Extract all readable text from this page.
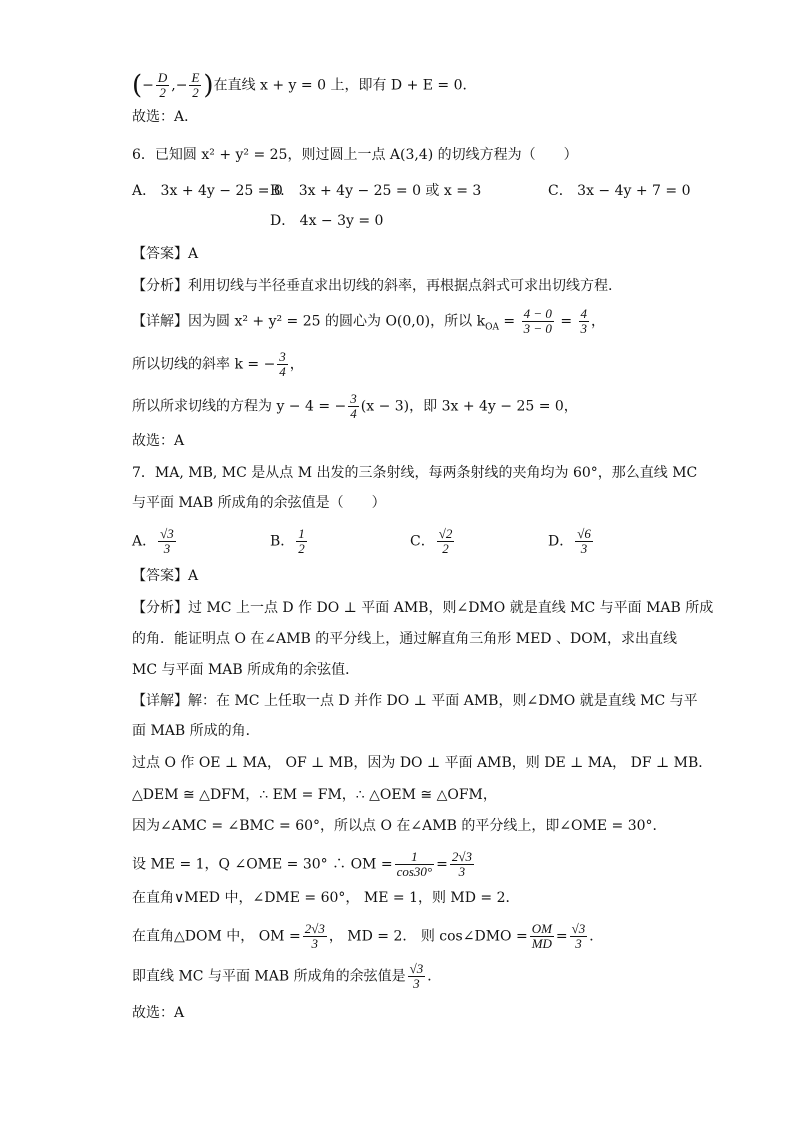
(− $\frac{D}{2}$ ,− $\frac{E}{2}$ )在直线 x + y = 0 上，即有 D + E = 0．
故选：A．
6．已知圆 x² + y² = 25，则过圆上一点 A(3,4) 的切线方程为（　　）
A． 3x + 4y − 25 = 0
B． 3x + 4y − 25 = 0 或 x = 3	C． 3x − 4y + 7 = 0
D． 4x − 3y = 0
【答案】A
【分析】利用切线与半径垂直求出切线的斜率，再根据点斜式可求出切线方程.
【详解】因为圆 x² + y² = 25 的圆心为 O(0,0)，所以 $k_{OA} = \frac{4 - 0}{3 - 0} = \frac{4}{3}$ ，
所以切线的斜率 k = − $\frac{3}{4}$ ，
所以所求切线的方程为 y − 4 = − $\frac{3}{4} (x - 3)$，即 3x + 4y − 25 = 0，
故选：A
7．MA, MB, MC 是从点 M 出发的三条射线，每两条射线的夹角均为 60°，那么直线 MC
与平面 MAB 所成角的余弦值是（　　）
A． $\frac{√3}{3}$	B． $\frac{1}{2}$	C． $\frac{√2}{2}$	D． $\frac{√6}{3}$
【答案】A
【分析】过 MC 上一点 D 作 DO ⊥ 平面 AMB，则∠DMO 就是直线 MC 与平面 MAB 所成
的角．能证明点 O 在∠AMB 的平分线上，通过解直角三角形 MED 、DOM，求出直线
MC 与平面 MAB 所成角的余弦值．
【详解】解：在 MC 上任取一点 D 并作 DO ⊥ 平面 AMB，则∠DMO 就是直线 MC 与平
面 MAB 所成的角．
过点 O 作 OE ⊥ MA， OF ⊥ MB，因为 DO ⊥ 平面 AMB，则 DE ⊥ MA， DF ⊥ MB．
△DEM ≅ △DFM，∴ EM = FM，∴ △OEM ≅ △OFM，
因为∠AMC = ∠BMC = 60°，所以点 O 在∠AMB 的平分线上，即∠OME = 30°．
设 ME = 1，Q ∠OME = 30° ∴ OM = $\frac{1}{\cos 30^\circ} = \frac{2√3}{3}$
在直角∨MED 中，∠DME = 60°， ME = 1，则 MD = 2．
在直角△DOM 中， OM = $\frac{2√3}{3}$ ， MD = 2． 则 cos∠DMO = $\frac{OM}{MD} = \frac{√3}{3}$ ．
即直线 MC 与平面 MAB 所成角的余弦值是 $\frac{√3}{3}$ ．
故选：A
